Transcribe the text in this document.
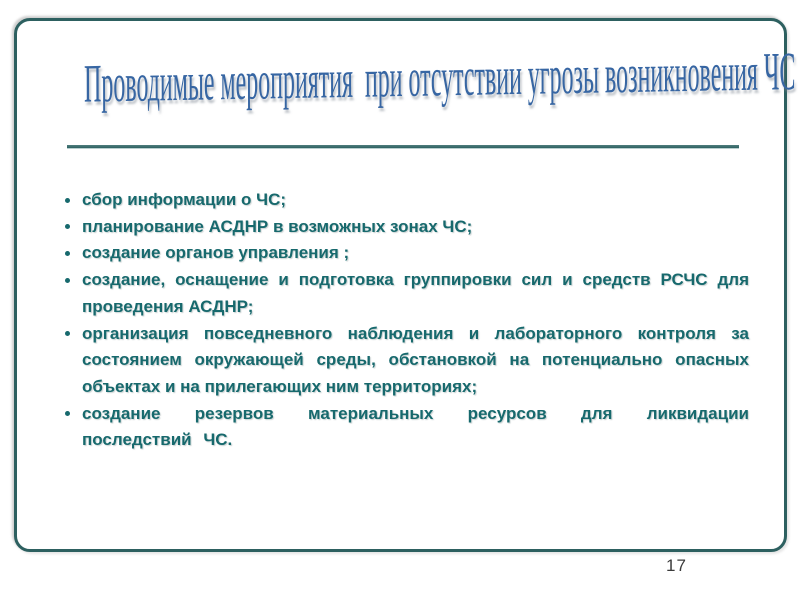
Проводимые мероприятия  при отсутствии угрозы возникновения ЧС
сбор информации о ЧС;
планирование АСДНР в возможных зонах ЧС;
создание органов управления ;
создание, оснащение и подготовка группировки сил и средств РСЧС для проведения АСДНР;
организация повседневного наблюдения и лабораторного контроля за состоянием окружающей среды, обстановкой на потенциально опасных объектах и на прилегающих ним территориях;
создание резервов материальных ресурсов для ликвидации последствий ЧС.
17
